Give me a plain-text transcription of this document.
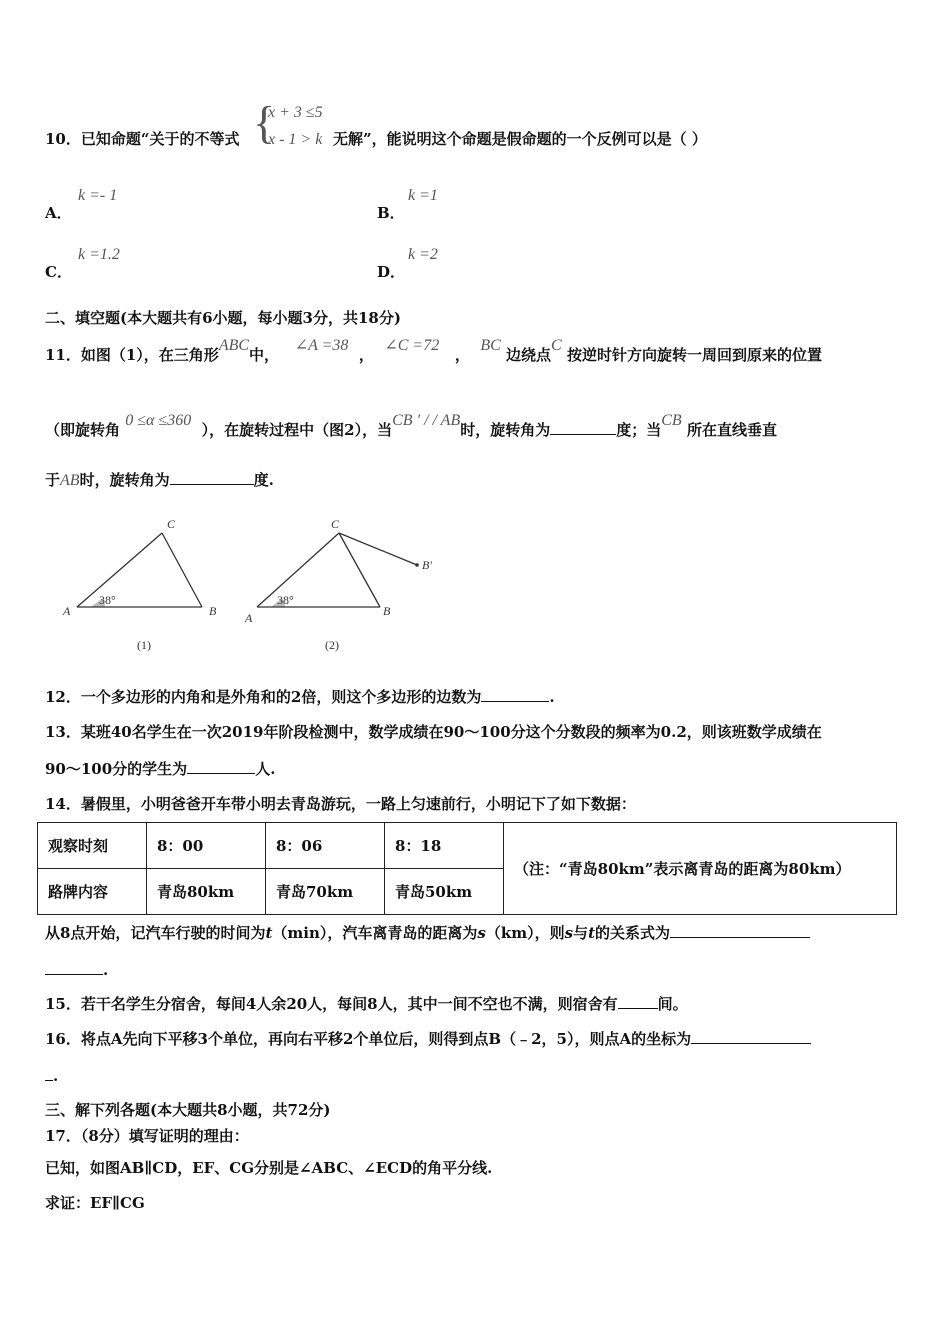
10．已知命题“关于的不等式 {
x + 3 ≤5
x - 1 > k 无解”，能说明这个命题是假命题的一个反例可以是（ ）
A．
k =- 1
B．
k =1
C．
k =1.2
D．
k =2
二、填空题(本大题共有6小题，每小题3分，共18分)
11．如图（1），在三角形ABC中，   ∠A =38  ，  ∠C =72   ，  BC 边绕点C 按逆时针方向旋转一周回到原来的位置
（即旋转角 0 ≤α ≤360  ），在旋转过程中（图2），当CB ′ / / AB时，旋转角为	度；当CB 所在直线垂直
于AB时，旋转角为	度.
A	B
C
38°
(1)
A	B
C
B′
38°
(2)
12．一个多边形的内角和是外角和的2倍，则这个多边形的边数为	.
13．某班40名学生在一次2019年阶段检测中，数学成绩在90～100分这个分数段的频率为0.2，则该班数学成绩在
90～100分的学生为	人.
14．暑假里，小明爸爸开车带小明去青岛游玩，一路上匀速前行，小明记下了如下数据：
观察时刻	8：00	8：06	8：18	（注：“青岛80km”表示离青岛的距离为80km）
路牌内容	青岛80km	青岛70km	青岛50km	
从8点开始，记汽车行驶的时间为t（min），汽车离青岛的距离为s（km），则s与t的关系式为
.
15．若干名学生分宿舍，每间4人余20人，每间8人，其中一间不空也不满，则宿舍有	间。
16．将点A先向下平移3个单位，再向右平移2个单位后，则得到点B（﹣2，5），则点A的坐标为
.
三、解下列各题(本大题共8小题，共72分)
17．（8分）填写证明的理由：
已知，如图AB∥CD，EF、CG分别是∠ABC、∠ECD的角平分线.
求证：EF∥CG
